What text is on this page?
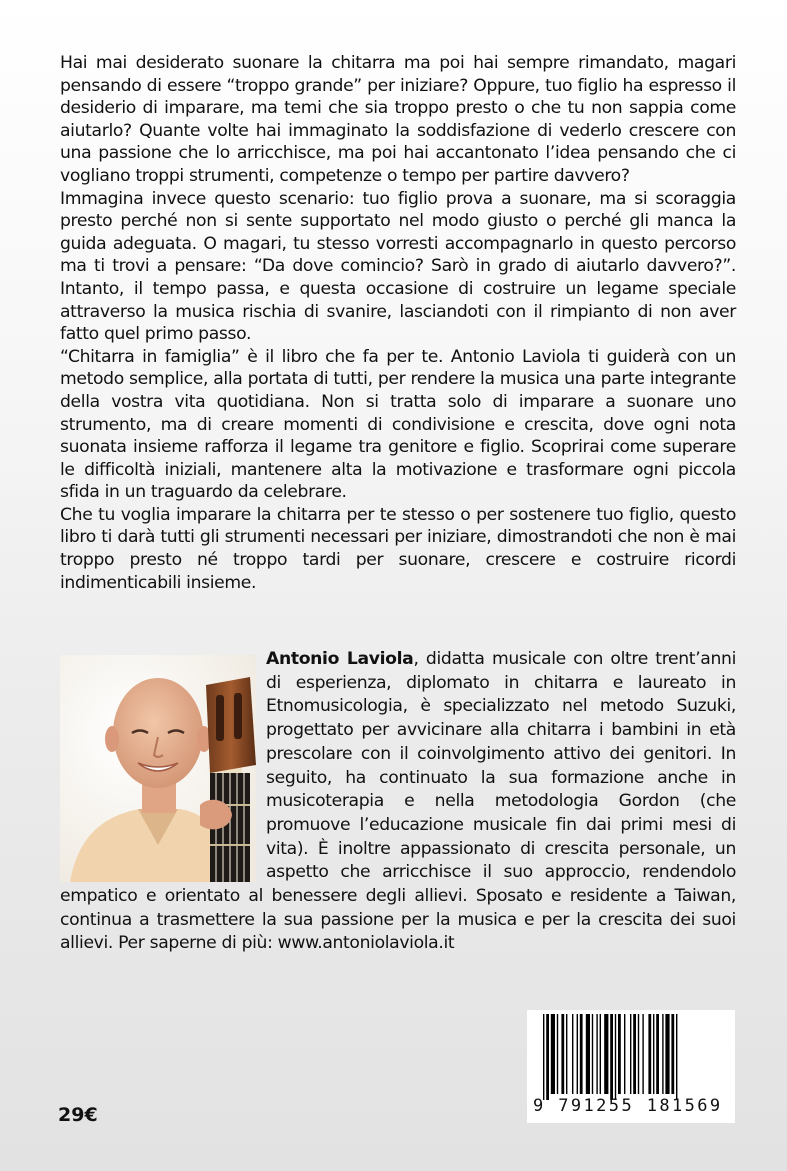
Hai mai desiderato suonare la chitarra ma poi hai sempre rimandato, magari pensando di essere “troppo grande” per iniziare? Oppure, tuo figlio ha espresso il desiderio di imparare, ma temi che sia troppo presto o che tu non sappia come aiutarlo? Quante volte hai immaginato la soddisfazione di vederlo crescere con una passione che lo arricchisce, ma poi hai accantonato l’idea pensando che ci vogliano troppi strumenti, competenze o tempo per partire davvero?

Immagina invece questo scenario: tuo figlio prova a suonare, ma si scoraggia presto perché non si sente supportato nel modo giusto o perché gli manca la guida adeguata. O magari, tu stesso vorresti accompagnarlo in questo percorso ma ti trovi a pensare: “Da dove comincio? Sarò in grado di aiutarlo davvero?”. Intanto, il tempo passa, e questa occasione di costruire un legame speciale attraverso la musica rischia di svanire, lasciandoti con il rimpianto di non aver fatto quel primo passo.

“Chitarra in famiglia” è il libro che fa per te. Antonio Laviola ti guiderà con un metodo semplice, alla portata di tutti, per rendere la musica una parte integrante della vostra vita quotidiana. Non si tratta solo di imparare a suonare uno strumento, ma di creare momenti di condivisione e crescita, dove ogni nota suonata insieme rafforza il legame tra genitore e figlio. Scoprirai come superare le difficoltà iniziali, mantenere alta la motivazione e trasformare ogni piccola sfida in un traguardo da celebrare.

Che tu voglia imparare la chitarra per te stesso o per sostenere tuo figlio, questo libro ti darà tutti gli strumenti necessari per iniziare, dimostrandoti che non è mai troppo presto né troppo tardi per suonare, crescere e costruire ricordi indimenticabili insieme.

Antonio Laviola, didatta musicale con oltre trent’anni di esperienza, diplomato in chitarra e laureato in Etnomusicologia, è specializzato nel metodo Suzuki, progettato per avvicinare alla chitarra i bambini in età prescolare con il coinvolgimento attivo dei genitori. In seguito, ha continuato la sua formazione anche in musicoterapia e nella metodologia Gordon (che promuove l’educazione musicale fin dai primi mesi di vita). È inoltre appassionato di crescita personale, un aspetto che arricchisce il suo approccio, rendendolo empatico e orientato al benessere degli allievi. Sposato e residente a Taiwan, continua a trasmettere la sua passione per la musica e per la crescita dei suoi allievi. Per saperne di più: www.antoniolaviola.it
29€	9 791255 181569
